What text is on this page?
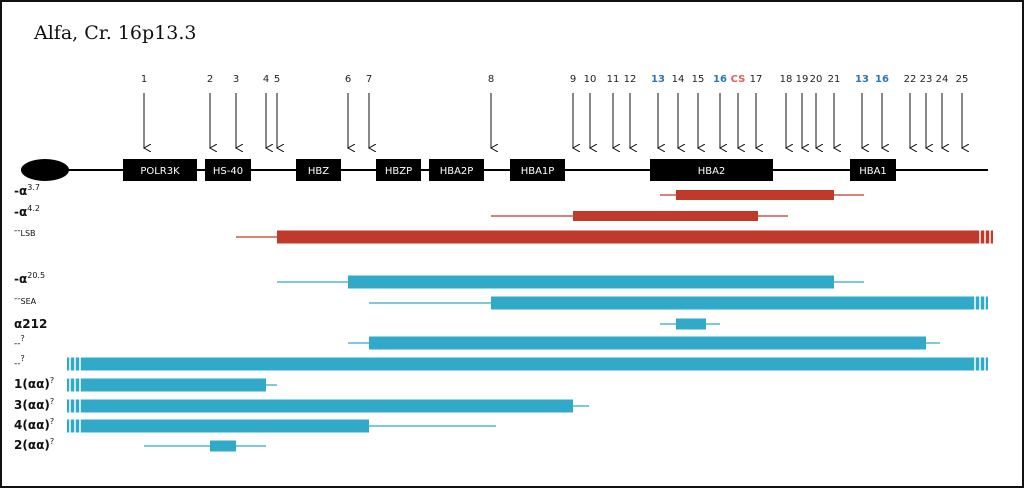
Alfa, Cr. 16p13.3
1	2 3 4 5	6 7	8	9 10 11 12 13 14 15 16 CS 17 18 19 20 21 13 16 22 23 24 25
POLR3K	HS-40	HBZ	HBZP	HBA2P	HBA1P	HBA2	HBA1
$-\alpha^{3.7}$
$-\alpha^{4.2}$
$--_{LSB}$
$-\alpha^{20.5}$
$--_{SEA}$
α212
--?
--?
1(αα)?
3(αα)?
4(αα)?
2(αα)?
